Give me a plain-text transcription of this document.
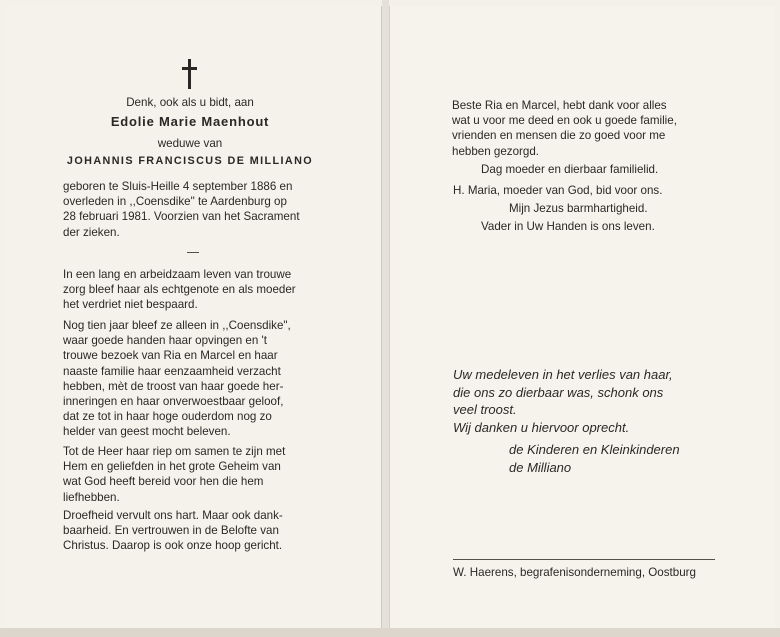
Denk, ook als u bidt, aan
Edolie Marie Maenhout
weduwe van
JOHANNIS FRANCISCUS DE MILLIANO
geboren te Sluis-Heille 4 september 1886 en
overleden in ,,Coensdike" te Aardenburg op
28 februari 1981. Voorzien van het Sacrament
der zieken.
In een lang en arbeidzaam leven van trouwe
zorg bleef haar als echtgenote en als moeder
het verdriet niet bespaard.
Nog tien jaar bleef ze alleen in ,,Coensdike",
waar goede handen haar opvingen en 't
trouwe bezoek van Ria en Marcel en haar
naaste familie haar eenzaamheid verzacht
hebben, mèt de troost van haar goede her-
inneringen en haar onverwoestbaar geloof,
dat ze tot in haar hoge ouderdom nog zo
helder van geest mocht beleven.
Tot de Heer haar riep om samen te zijn met
Hem en geliefden in het grote Geheim van
wat God heeft bereid voor hen die hem
liefhebben.
Droefheid vervult ons hart. Maar ook dank-
baarheid. En vertrouwen in de Belofte van
Christus. Daarop is ook onze hoop gericht.
Beste Ria en Marcel, hebt dank voor alles
wat u voor me deed en ook u goede familie,
vrienden en mensen die zo goed voor me
hebben gezorgd.
Dag moeder en dierbaar familielid.
H. Maria, moeder van God, bid voor ons.
Mijn Jezus barmhartigheid.
Vader in Uw Handen is ons leven.
Uw medeleven in het verlies van haar,
die ons zo dierbaar was, schonk ons
veel troost.
Wij danken u hiervoor oprecht.
de Kinderen en Kleinkinderen
de Milliano
W. Haerens, begrafenisonderneming, Oostburg
